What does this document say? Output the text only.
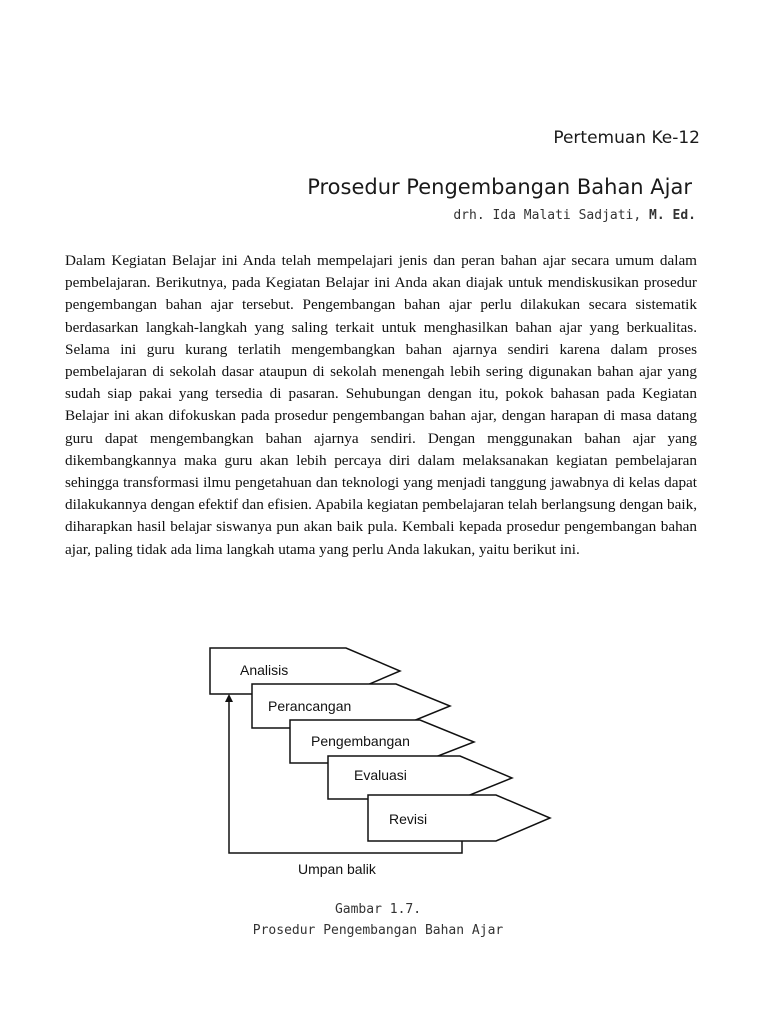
Pertemuan Ke-12
Prosedur Pengembangan Bahan Ajar
drh. Ida Malati Sadjati, M. Ed.

Dalam Kegiatan Belajar ini Anda telah mempelajari jenis dan peran bahan ajar secara umum dalam pembelajaran. Berikutnya, pada Kegiatan Belajar ini Anda akan diajak untuk mendiskusikan prosedur pengembangan bahan ajar tersebut. Pengembangan bahan ajar perlu dilakukan secara sistematik berdasarkan langkah-langkah yang saling terkait untuk menghasilkan bahan ajar yang berkualitas. Selama ini guru kurang terlatih mengembangkan bahan ajarnya sendiri karena dalam proses pembelajaran di sekolah dasar ataupun di sekolah menengah lebih sering digunakan bahan ajar yang sudah siap pakai yang tersedia di pasaran. Sehubungan dengan itu, pokok bahasan pada Kegiatan Belajar ini akan difokuskan pada prosedur pengembangan bahan ajar, dengan harapan di masa datang guru dapat mengembangkan bahan ajarnya sendiri. Dengan menggunakan bahan ajar yang dikembangkannya maka guru akan lebih percaya diri dalam melaksanakan kegiatan pembelajaran sehingga transformasi ilmu pengetahuan dan teknologi yang menjadi tanggung jawabnya di kelas dapat dilakukannya dengan efektif dan efisien. Apabila kegiatan pembelajaran telah berlangsung dengan baik, diharapkan hasil belajar siswanya pun akan baik pula. Kembali kepada prosedur pengembangan bahan ajar, paling tidak ada lima langkah utama yang perlu Anda lakukan, yaitu berikut ini.

Analisis
Perancangan
Pengembangan
Evaluasi
Revisi
Umpan balik
Gambar 1.7.
Prosedur Pengembangan Bahan Ajar
